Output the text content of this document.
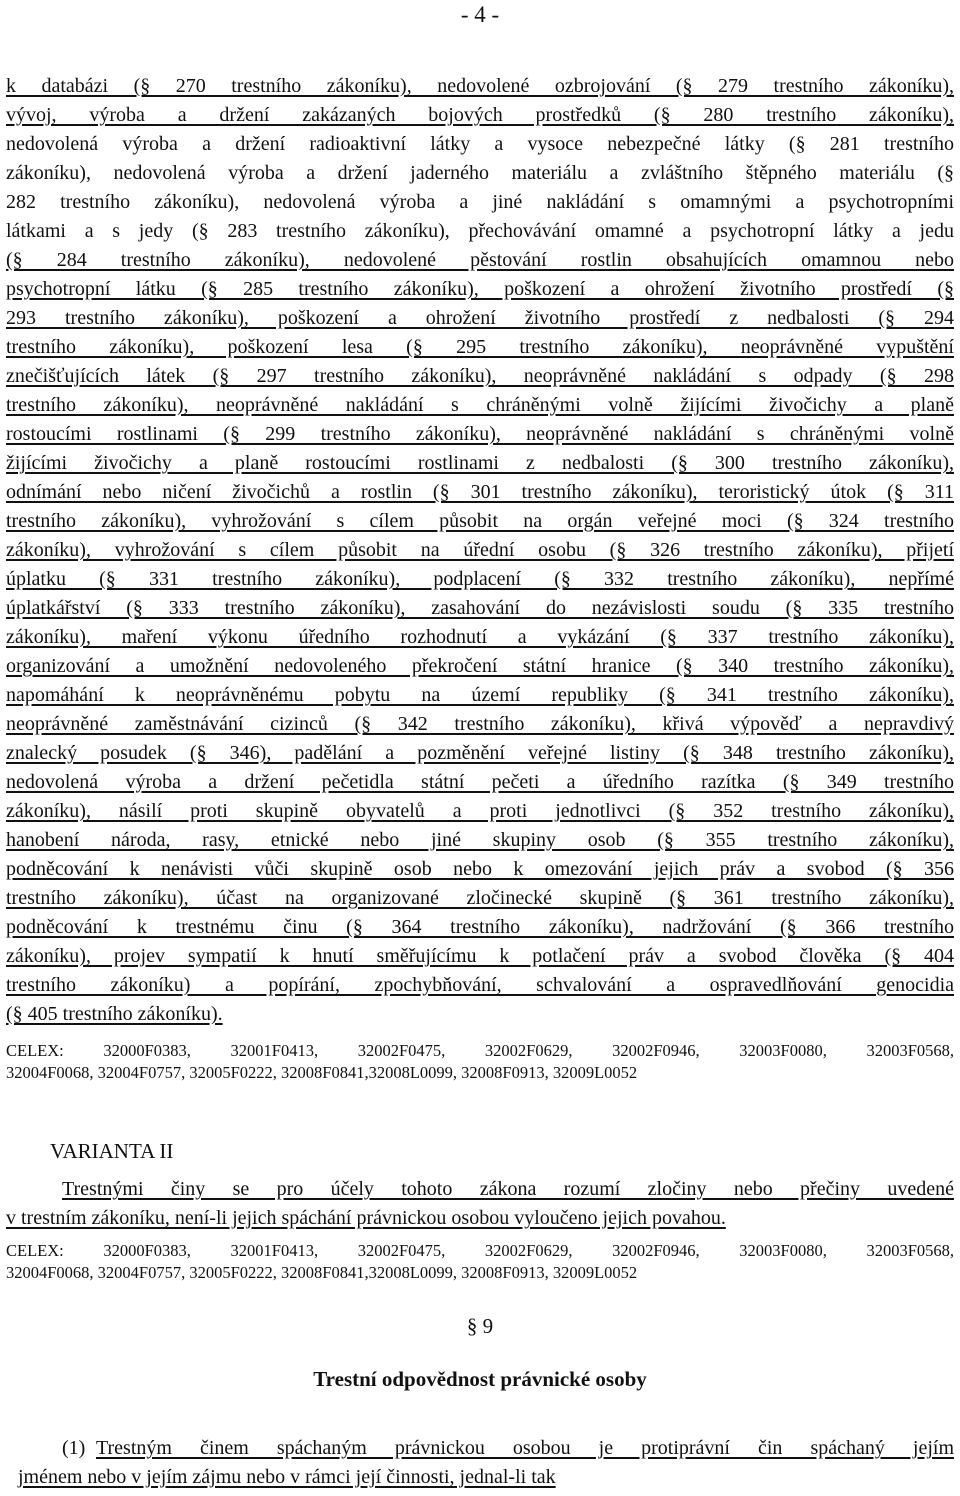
- 4 -
k databázi (§ 270 trestního zákoníku), nedovolené ozbrojování (§ 279 trestního zákoníku),
vývoj, výroba a držení zakázaných bojových prostředků (§ 280 trestního zákoníku),
nedovolená výroba a držení radioaktivní látky a vysoce nebezpečné látky (§ 281 trestního
zákoníku), nedovolená výroba a držení jaderného materiálu a zvláštního štěpného materiálu (§
282 trestního zákoníku), nedovolená výroba a jiné nakládání s omamnými a psychotropními
látkami a s jedy (§ 283 trestního zákoníku), přechovávání omamné a psychotropní látky a jedu
(§ 284 trestního zákoníku), nedovolené pěstování rostlin obsahujících omamnou nebo
psychotropní látku (§ 285 trestního zákoníku), poškození a ohrožení životního prostředí (§
293 trestního zákoníku), poškození a ohrožení životního prostředí z nedbalosti (§ 294
trestního zákoníku), poškození lesa (§ 295 trestního zákoníku), neoprávněné vypuštění
znečišťujících látek (§ 297 trestního zákoníku), neoprávněné nakládání s odpady (§ 298
trestního zákoníku), neoprávněné nakládání s chráněnými volně žijícími živočichy a planě
rostoucími rostlinami (§ 299 trestního zákoníku), neoprávněné nakládání s chráněnými volně
žijícími živočichy a planě rostoucími rostlinami z nedbalosti (§ 300 trestního zákoníku),
odnímání nebo ničení živočichů a rostlin (§ 301 trestního zákoníku), teroristický útok (§ 311
trestního zákoníku), vyhrožování s cílem působit na orgán veřejné moci (§ 324 trestního
zákoníku), vyhrožování s cílem působit na úřední osobu (§ 326 trestního zákoníku), přijetí
úplatku (§ 331 trestního zákoníku), podplacení (§ 332 trestního zákoníku), nepřímé
úplatkářství (§ 333 trestního zákoníku), zasahování do nezávislosti soudu (§ 335 trestního
zákoníku), maření výkonu úředního rozhodnutí a vykázání (§ 337 trestního zákoníku),
organizování a umožnění nedovoleného překročení státní hranice (§ 340 trestního zákoníku),
napomáhání k neoprávněnému pobytu na území republiky (§ 341 trestního zákoníku),
neoprávněné zaměstnávání cizinců (§ 342 trestního zákoníku), křivá výpověď a nepravdivý
znalecký posudek (§ 346), padělání a pozměnění veřejné listiny (§ 348 trestního zákoníku),
nedovolená výroba a držení pečetidla státní pečeti a úředního razítka (§ 349 trestního
zákoníku), násilí proti skupině obyvatelů a proti jednotlivci (§ 352 trestního zákoníku),
hanobení národa, rasy, etnické nebo jiné skupiny osob (§ 355 trestního zákoníku),
podněcování k nenávisti vůči skupině osob nebo k omezování jejich práv a svobod (§ 356
trestního zákoníku), účast na organizované zločinecké skupině (§ 361 trestního zákoníku),
podněcování k trestnému činu (§ 364 trestního zákoníku), nadržování (§ 366 trestního
zákoníku), projev sympatií k hnutí směřujícímu k potlačení práv a svobod člověka (§ 404
trestního zákoníku) a popírání, zpochybňování, schvalování a ospravedlňování genocidia
(§ 405 trestního zákoníku).
CELEX: 32000F0383, 32001F0413, 32002F0475, 32002F0629, 32002F0946, 32003F0080, 32003F0568,
32004F0068, 32004F0757, 32005F0222, 32008F0841,32008L0099, 32008F0913, 32009L0052
VARIANTA II
Trestnými činy se pro účely tohoto zákona rozumí zločiny nebo přečiny uvedené
v trestním zákoníku, není-li jejich spáchání právnickou osobou vyloučeno jejich povahou.
CELEX: 32000F0383, 32001F0413, 32002F0475, 32002F0629, 32002F0946, 32003F0080, 32003F0568,
32004F0068, 32004F0757, 32005F0222, 32008F0841,32008L0099, 32008F0913, 32009L0052
§ 9
Trestní odpovědnost právnické osoby
(1) Trestným činem spáchaným právnickou osobou je protiprávní čin spáchaný jejím
jménem nebo v jejím zájmu nebo v rámci její činnosti, jednal-li tak
